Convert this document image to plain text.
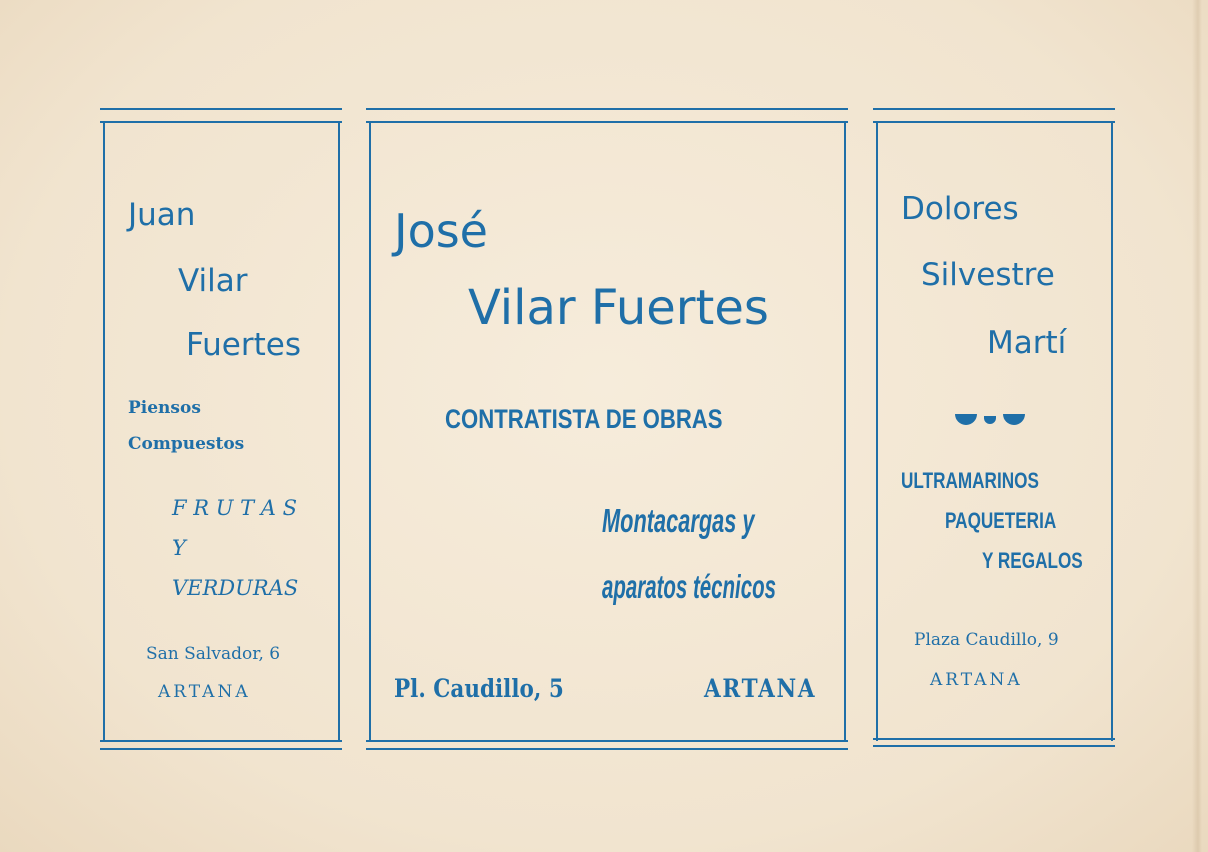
Juan
Vilar
Fuertes
Piensos
Compuestos
F R U T A S
Y
VERDURAS
San Salvador, 6
ARTANA
José
Vilar Fuertes
CONTRATISTA DE OBRAS
Montacargas y
aparatos técnicos
Pl. Caudillo, 5	ARTANA
Dolores
Silvestre
Martí
ULTRAMARINOS
PAQUETERIA
Y REGALOS
Plaza Caudillo, 9
ARTANA
